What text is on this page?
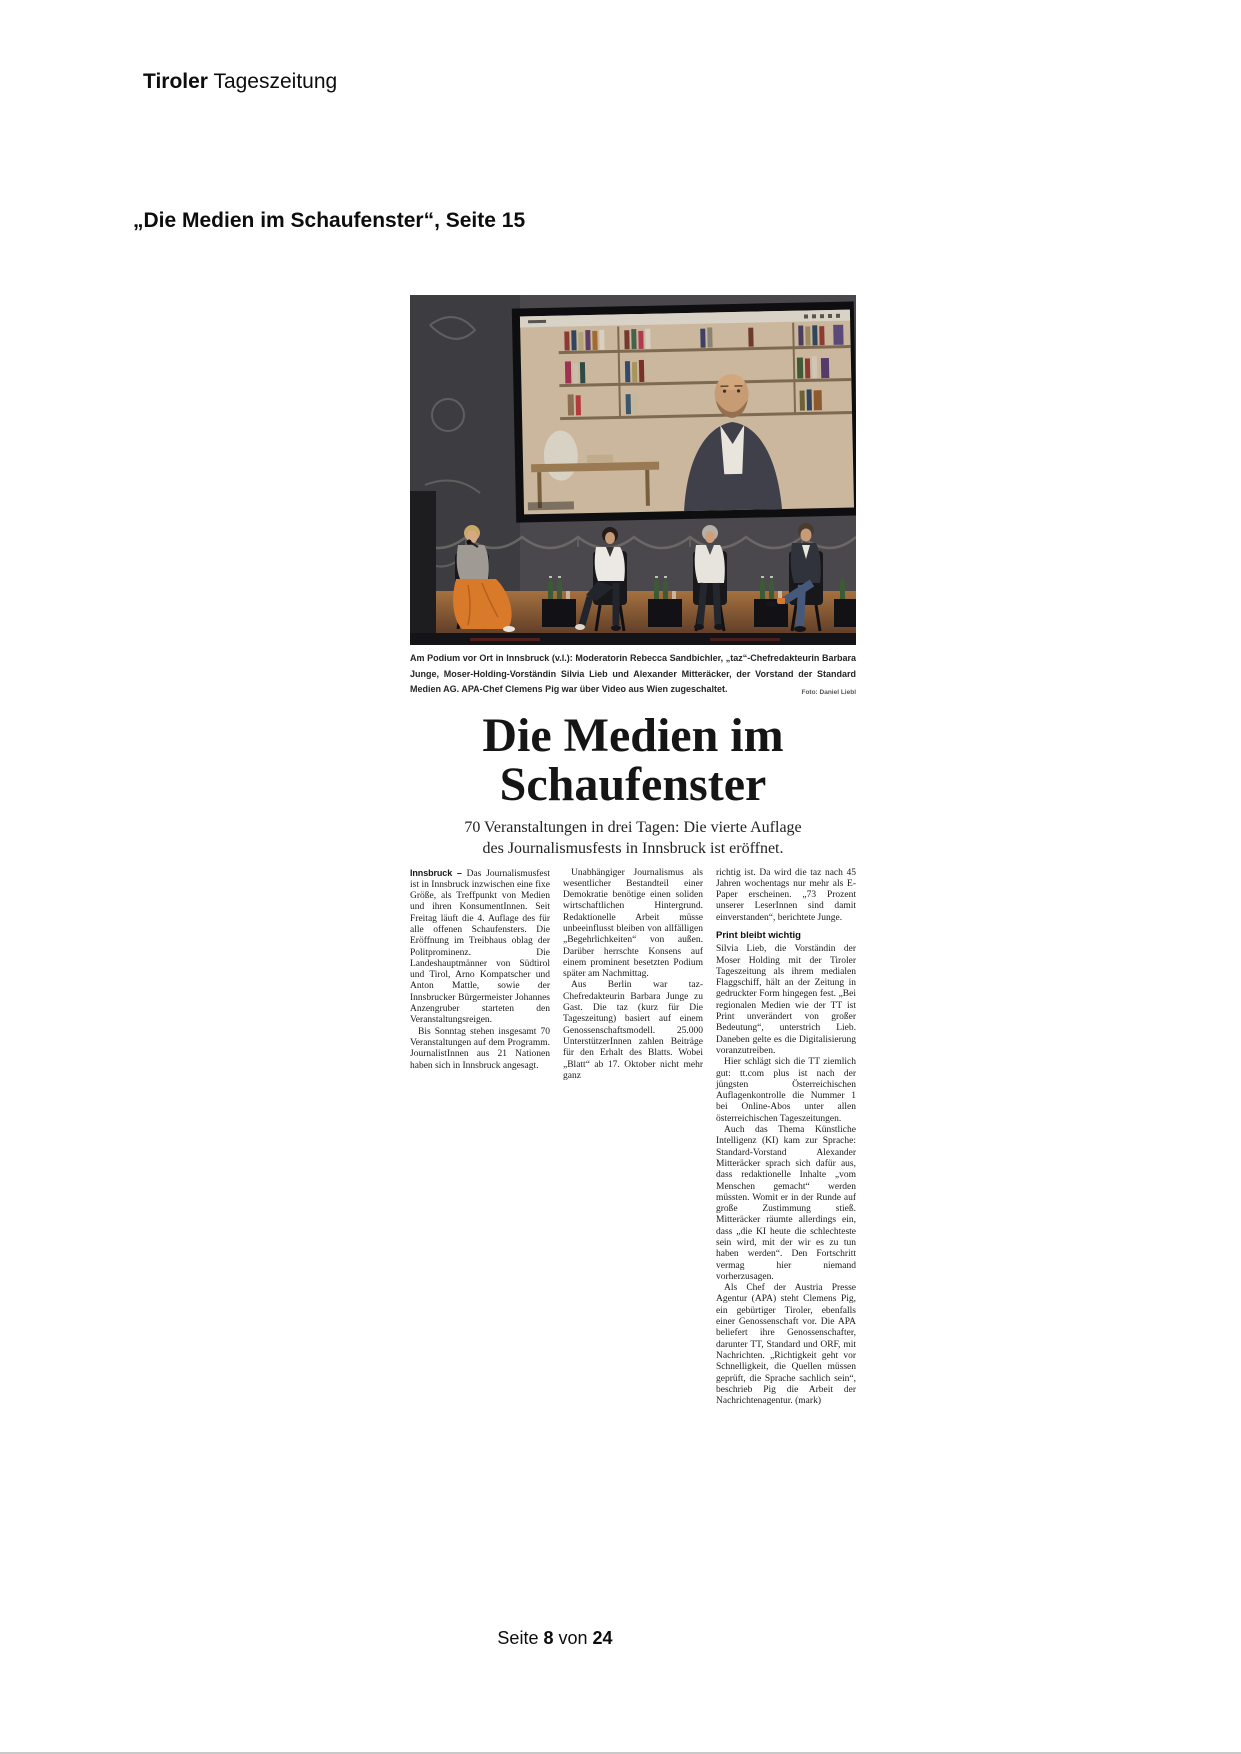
Tiroler Tageszeitung
„Die Medien im Schaufenster“, Seite 15
Am Podium vor Ort in Innsbruck (v.l.): Moderatorin Rebecca Sandbichler, „taz“-Chefredakteurin Barbara Junge, Moser-Holding-Vorständin Silvia Lieb und Alexander Mitteräcker, der Vorstand der Standard Medien AG. APA-Chef Clemens Pig war über Video aus Wien zugeschaltet.	Foto: Daniel Liebl
Die Medien im
Schaufenster
70 Veranstaltungen in drei Tagen: Die vierte Auflage
des Journalismusfests in Innsbruck ist eröffnet.

Innsbruck – Das Journalismusfest ist in Innsbruck inzwischen eine fixe Größe, als Treffpunkt von Medien und ihren KonsumentInnen. Seit Freitag läuft die 4. Auflage des für alle offenen Schaufensters. Die Eröffnung im Treibhaus oblag der Politprominenz. Die Landeshauptmänner von Südtirol und Tirol, Arno Kompatscher und Anton Mattle, sowie der Innsbrucker Bürgermeister Johannes Anzengruber starteten den Veranstaltungsreigen.

Bis Sonntag stehen insgesamt 70 Veranstaltungen auf dem Programm. JournalistInnen aus 21 Nationen haben sich in Innsbruck angesagt.

Unabhängiger Journalismus als wesentlicher Bestandteil einer Demokratie benötige einen soliden wirtschaftlichen Hintergrund. Redaktionelle Arbeit müsse unbeeinflusst bleiben von allfälligen „Begehrlichkeiten“ von außen. Darüber herrschte Konsens auf einem prominent besetzten Podium später am Nachmittag.

Aus Berlin war taz-Chefredakteurin Barbara Junge zu Gast. Die taz (kurz für Die Tageszeitung) basiert auf einem Genossenschaftsmodell. 25.000 UnterstützerInnen zahlen Beiträge für den Erhalt des Blatts. Wobei „Blatt“ ab 17. Oktober nicht mehr ganz

richtig ist. Da wird die taz nach 45 Jahren wochentags nur mehr als E-Paper erscheinen. „73 Prozent unserer LeserInnen sind damit einverstanden“, berichtete Junge.

Print bleibt wichtig

Silvia Lieb, die Vorständin der Moser Holding mit der Tiroler Tageszeitung als ihrem medialen Flaggschiff, hält an der Zeitung in gedruckter Form hingegen fest. „Bei regionalen Medien wie der TT ist Print unverändert von großer Bedeutung“, unterstrich Lieb. Daneben gelte es die Digitalisierung voranzutreiben.

Hier schlägt sich die TT ziemlich gut: tt.com plus ist nach der jüngsten Österreichischen Auflagenkontrolle die Nummer 1 bei Online-Abos unter allen österreichischen Tageszeitungen.

Auch das Thema Künstliche Intelligenz (KI) kam zur Sprache: Standard-Vorstand Alexander Mitteräcker sprach sich dafür aus, dass redaktionelle Inhalte „vom Menschen gemacht“ werden müssten. Womit er in der Runde auf große Zustimmung stieß. Mitteräcker räumte allerdings ein, dass „die KI heute die schlechteste sein wird, mit der wir es zu tun haben werden“. Den Fortschritt vermag hier niemand vorherzusagen.

Als Chef der Austria Presse Agentur (APA) steht Clemens Pig, ein gebürtiger Tiroler, ebenfalls einer Genossenschaft vor. Die APA beliefert ihre Genossenschafter, darunter TT, Standard und ORF, mit Nachrichten. „Richtigkeit geht vor Schnelligkeit, die Quellen müssen geprüft, die Sprache sachlich sein“, beschrieb Pig die Arbeit der Nachrichtenagentur. (mark)

Seite 8 von 24
